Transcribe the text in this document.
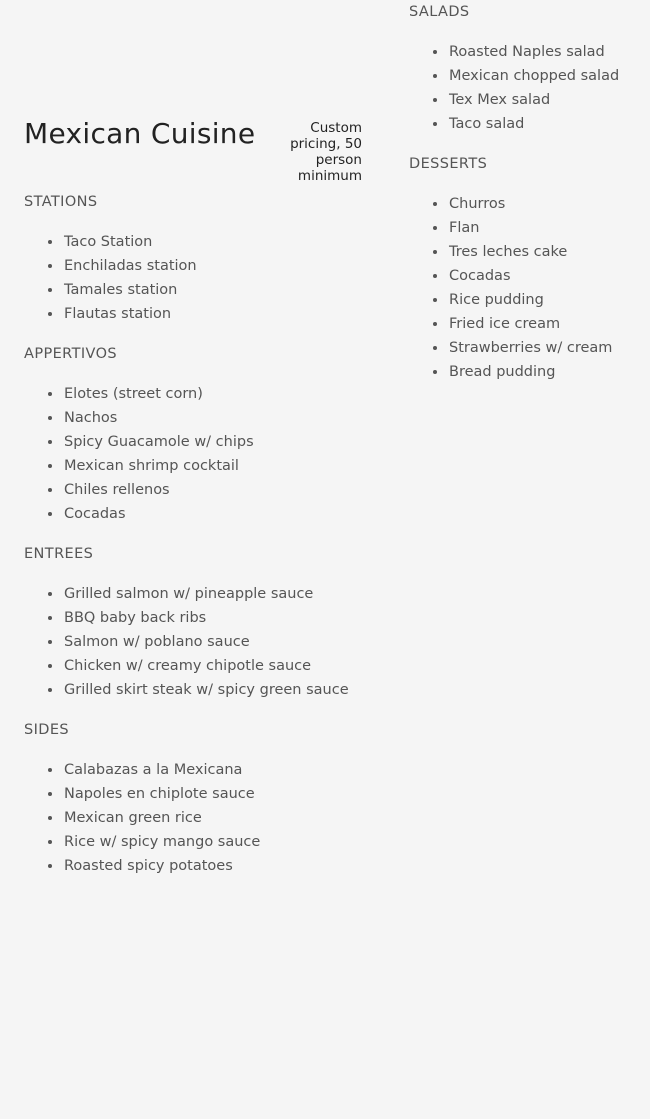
Mexican Cuisine	Custom pricing, 50 person minimum

STATIONS
Taco Station
Enchiladas station
Tamales station
Flautas station
APPERTIVOS
Elotes (street corn)
Nachos
Spicy Guacamole w/ chips
Mexican shrimp cocktail
Chiles rellenos
Cocadas
ENTREES
Grilled salmon w/ pineapple sauce
BBQ baby back ribs
Salmon w/ poblano sauce
Chicken w/ creamy chipotle sauce
Grilled skirt steak w/ spicy green sauce
SIDES
Calabazas a la Mexicana
Napoles en chiplote sauce
Mexican green rice
Rice w/ spicy mango sauce
Roasted spicy potatoes
SALADS
Roasted Naples salad
Mexican chopped salad
Tex Mex salad
Taco salad
DESSERTS
Churros
Flan
Tres leches cake
Cocadas
Rice pudding
Fried ice cream
Strawberries w/ cream
Bread pudding
